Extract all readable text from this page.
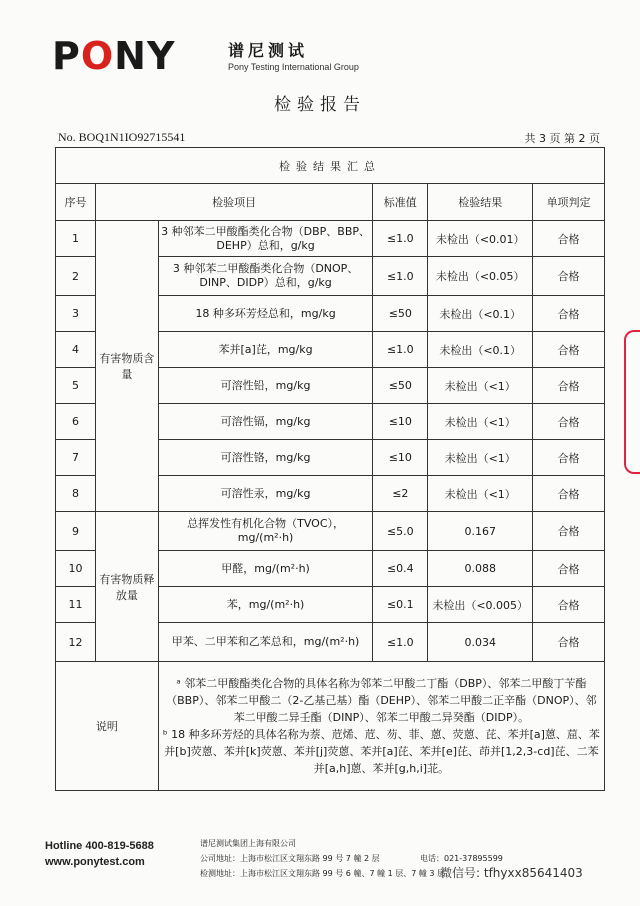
PONY	谱尼测试
Pony Testing International Group
检验报告
No. BOQ1N1IO92715541	共 3 页 第 2 页
检验结果汇总					
序号	检验项目		标准值	检验结果	单项判定
1	有害物质含量	3 种邻苯二甲酸酯类化合物（DBP、BBP、DEHP）总和，g/kg	≤1.0	未检出（<0.01）	合格
2		3 种邻苯二甲酸酯类化合物（DNOP、DINP、DIDP）总和，g/kg	≤1.0	未检出（<0.05）	合格
3		18 种多环芳烃总和，mg/kg	≤50	未检出（<0.1）	合格
4		苯并[a]芘，mg/kg	≤1.0	未检出（<0.1）	合格
5		可溶性铅，mg/kg	≤50	未检出（<1）	合格
6		可溶性镉，mg/kg	≤10	未检出（<1）	合格
7		可溶性铬，mg/kg	≤10	未检出（<1）	合格
8		可溶性汞，mg/kg	≤2	未检出（<1）	合格
9	有害物质释放量	总挥发性有机化合物（TVOC），mg/(m²·h)	≤5.0	0.167	合格
10		甲醛，mg/(m²·h)	≤0.4	0.088	合格
11		苯，mg/(m²·h)	≤0.1	未检出（<0.005）	合格
12		甲苯、二甲苯和乙苯总和，mg/(m²·h)	≤1.0	0.034	合格
说明		ᵃ 邻苯二甲酸酯类化合物的具体名称为邻苯二甲酸二丁酯（DBP）、邻苯二甲酸丁苄酯（BBP）、邻苯二甲酸二（2-乙基己基）酯（DEHP）、邻苯二甲酸二正辛酯（DNOP）、邻苯二甲酸二异壬酯（DINP）、邻苯二甲酸二异癸酯（DIDP）。
ᵇ 18 种多环芳烃的具体名称为萘、苊烯、苊、芴、菲、蒽、荧蒽、芘、苯并[a]蒽、䓛、苯并[b]荧蒽、苯并[k]荧蒽、苯并[j]荧蒽、苯并[a]芘、苯并[e]芘、茚并[1,2,3-cd]芘、二苯并[a,h]蒽、苯并[g,h,i]苝。			
Hotline 400-819-5688
www.ponytest.com
谱尼测试集团上海有限公司
公司地址：上海市松江区文翔东路 99 号 7 幢 2 层
检测地址：上海市松江区文翔东路 99 号 6 幢、7 幢 1 层、7 幢 3 层
电话：021-37895599
微信号: tfhyxx85641403
